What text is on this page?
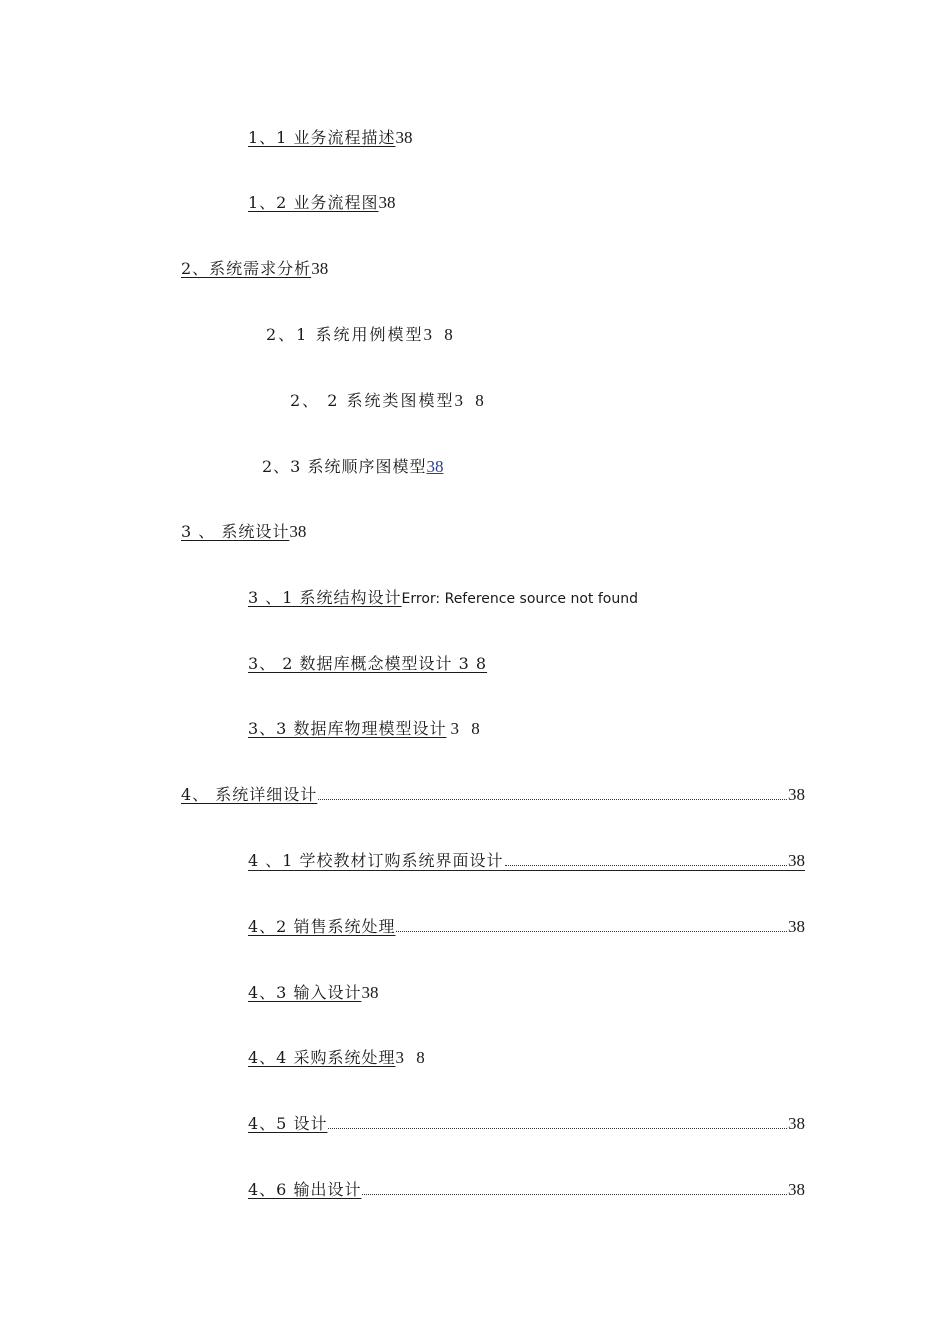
1、1 业务流程描述 38
1、2 业务流程图 38
2、系统需求分析 38
2、1 系统用例模型 3 8
2、 2 系统类图模型 3 8
2、3 系统顺序图模型 38
3 、 系统设计 38
3 、1 系统结构设计 Error: Reference source not found
3、 2 数据库概念模型设计 3 8
3、3 数据库物理模型设计 3 8
4、 系统详细设计	38
4 、1 学校教材订购系统界面设计	38
4、2 销售系统处理	38
4、3 输入设计 38
4、4 采购系统处理 3 8
4、5 设计	38
4、6 输出设计	38
